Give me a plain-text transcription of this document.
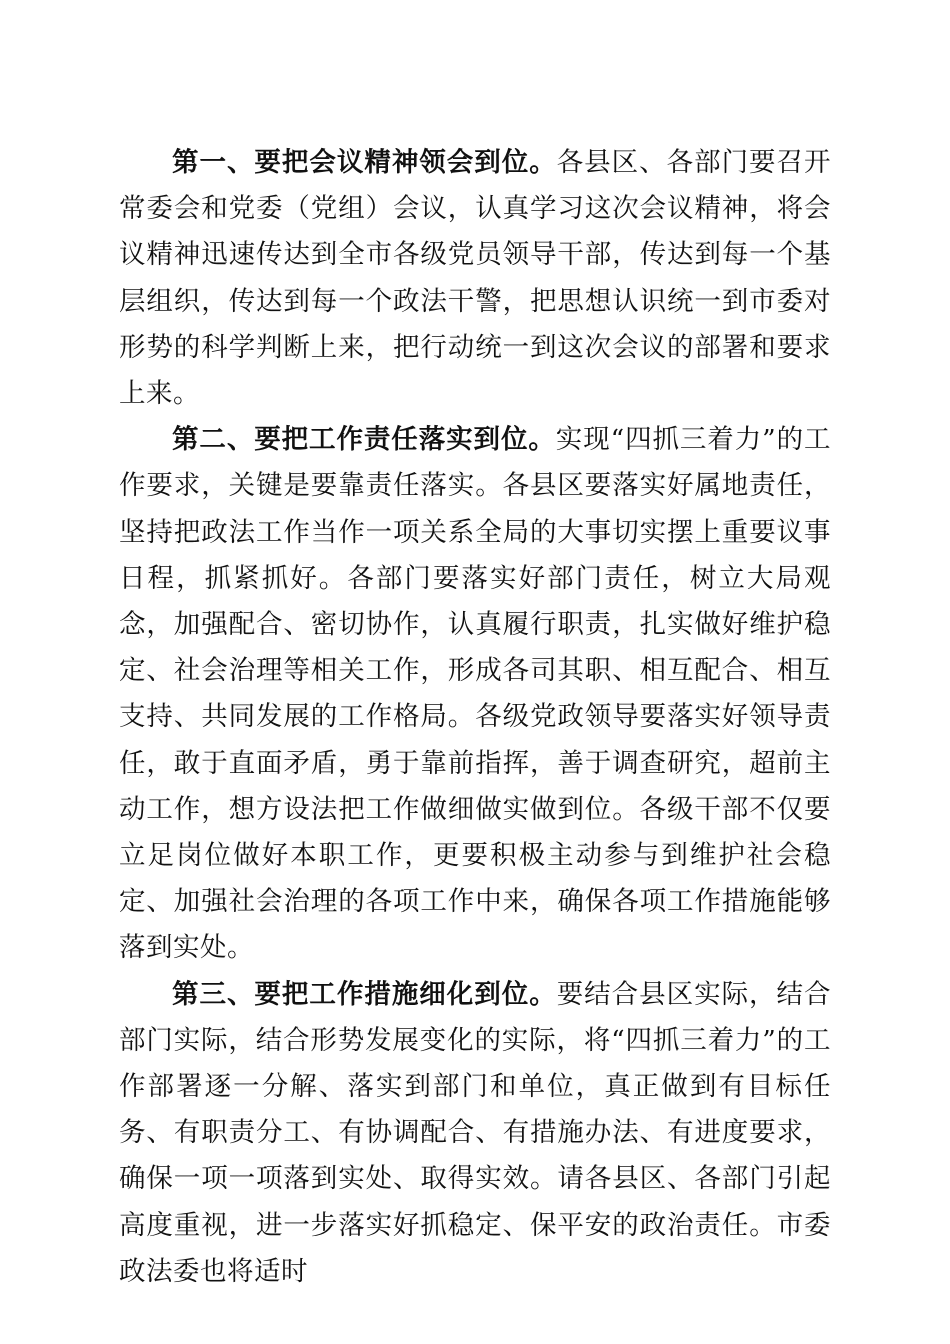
第一、要把会议精神领会到位。各县区、各部门要召开常委会和党委（党组）会议，认真学习这次会议精神，将会议精神迅速传达到全市各级党员领导干部，传达到每一个基层组织，传达到每一个政法干警，把思想认识统一到市委对形势的科学判断上来，把行动统一到这次会议的部署和要求上来。

第二、要把工作责任落实到位。实现“四抓三着力”的工作要求，关键是要靠责任落实。各县区要落实好属地责任，坚持把政法工作当作一项关系全局的大事切实摆上重要议事日程，抓紧抓好。各部门要落实好部门责任，树立大局观念，加强配合、密切协作，认真履行职责，扎实做好维护稳定、社会治理等相关工作，形成各司其职、相互配合、相互支持、共同发展的工作格局。各级党政领导要落实好领导责任，敢于直面矛盾，勇于靠前指挥，善于调查研究，超前主动工作，想方设法把工作做细做实做到位。各级干部不仅要立足岗位做好本职工作，更要积极主动参与到维护社会稳定、加强社会治理的各项工作中来，确保各项工作措施能够落到实处。

第三、要把工作措施细化到位。要结合县区实际，结合部门实际，结合形势发展变化的实际，将“四抓三着力”的工作部署逐一分解、落实到部门和单位，真正做到有目标任务、有职责分工、有协调配合、有措施办法、有进度要求，确保一项一项落到实处、取得实效。请各县区、各部门引起高度重视，进一步落实好抓稳定、保平安的政治责任。市委政法委也将适时
